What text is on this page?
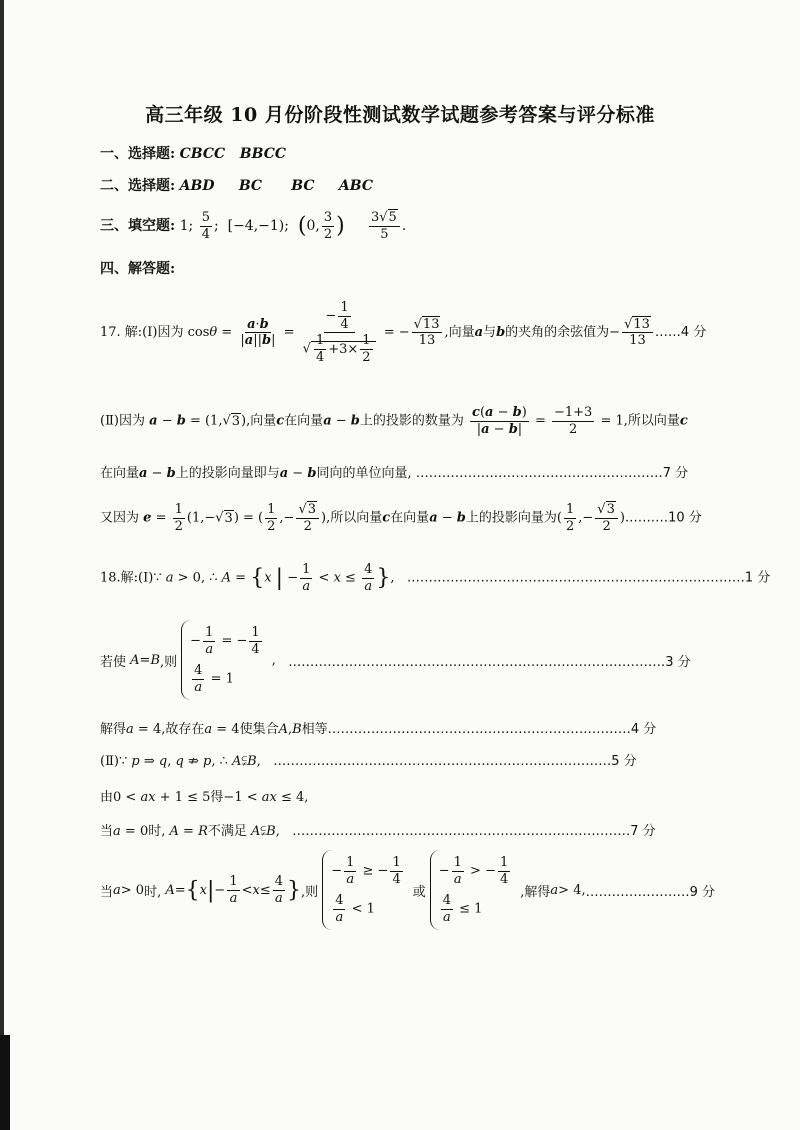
高三年级 10 月份阶段性测试数学试题参考答案与评分标准
一、选择题: CBCC   BBCC
二、选择题: ABD     BC      BC     ABC
三、填空题: 1; $\frac{5}{4}$ ;  [−4,−1); (0, $\frac{3}{2}$ ) $\frac{3√5}{5}$ .
四、解答题:
17. 解:(Ⅰ)因为 $\cos\theta = \frac{a\cdot b}{|a||b|} = \frac{- \frac{1}{4}}{√ \frac{1}{4} +3\times \frac{1}{2}}$ = − $\frac{√13}{13}$ ,向量a与b的夹角的余弦值为− $\frac{√13}{13}$ ……4 分
(Ⅱ)因为 a − b = (1,√3),向量c在向量a − b上的投影的数量为 $\frac{c(a - b)}{|a - b|} = \frac{-1+3}{2} = 1$,所以向量c
在向量a − b上的投影向量即与a − b同向的单位向量, …………………………………………………7 分
又因为 $e = \frac{1}{2} (1,-√3)$ = ( $\frac{1}{2}$ ,− $\frac{√3}{2}$ ),所以向量c在向量a − b上的投影向量为( $\frac{1}{2}$ ,− $\frac{√3}{2}$ ).………10 分
18.解:(Ⅰ)∵ a > 0, ∴ A = {x | − $\frac{1}{a} < x \le \frac{4}{a}$ },   ……………………………………………………………………1 分
若使
A = B ,则
− $\frac{1}{a}$ = − $\frac{1}{4}$
$\frac{4}{a} = 1$
, ……………………………………………………………………………3 分
解得a = 4,故存在a = 4使集合A,B相等.……………………………………………………………4 分
(Ⅱ)∵ p ⇒ q, q ⇏ p, ∴ A⫋B,   ……………………………………………………………………5 分
由0 < ax + 1 ≤ 5得−1 < ax ≤ 4,
当a = 0时, A = R不满足 A⫋B,   ……………………………………………………………………7 分
当 a > 0 时,
A = { x | − $\frac{1}{a} < x \le \frac{4}{a}$ } ,则
− $\frac{1}{a}$ ≥ − $\frac{1}{4}$
$\frac{4}{a} < 1$
或
− $\frac{1}{a}$ > − $\frac{1}{4}$
$\frac{4}{a} \le 1$
,解得 a > 4, ……………………9 分
